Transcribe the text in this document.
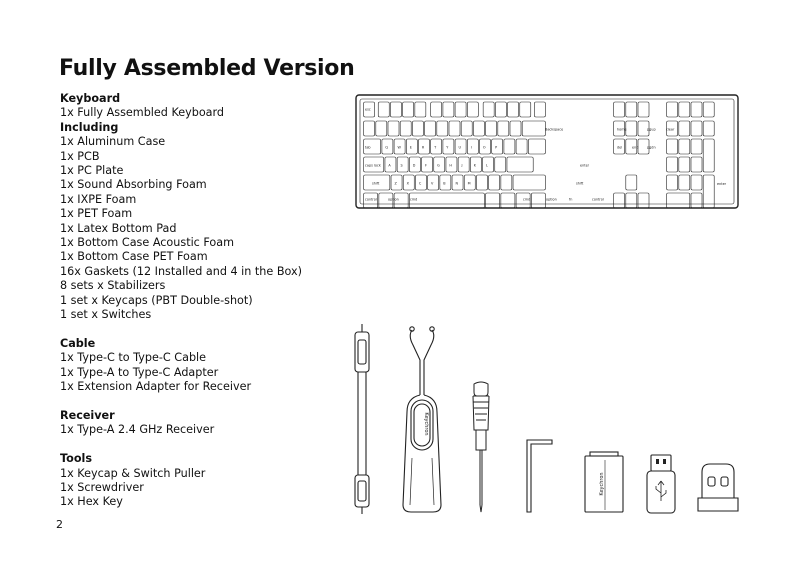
Fully Assembled Version
Keyboard
1x Fully Assembled Keyboard
Including
1x Aluminum Case
1x PCB
1x PC Plate
1x Sound Absorbing Foam
1x IXPE Foam
1x PET Foam
1x Latex Bottom Pad
1x Bottom Case Acoustic Foam
1x Bottom Case PET Foam
16x Gaskets (12 Installed and 4 in the Box)
8 sets x Stabilizers
1 set x Keycaps (PBT Double-shot)
1 set x Switches
Cable
1x Type-C to Type-C Cable
1x Type-A to Type-C Adapter
1x Extension Adapter for Receiver
Receiver
1x Type-A 2.4 GHz Receiver
Tools
1x Keycap & Switch Puller
1x Screwdriver
1x Hex Key
2
esc
Backspace
tab
caps lock	enter
shift	shift
control	option	cmd	cmd	option	fn	control
home	pgup
del	end	pgdn
clear
enter
Q	W	E	R	T	Y	U	I	O	P
A	S	D	F	G	H	J	K	L
Z	X	C	V	B	N	M
Keychron
Keychron
